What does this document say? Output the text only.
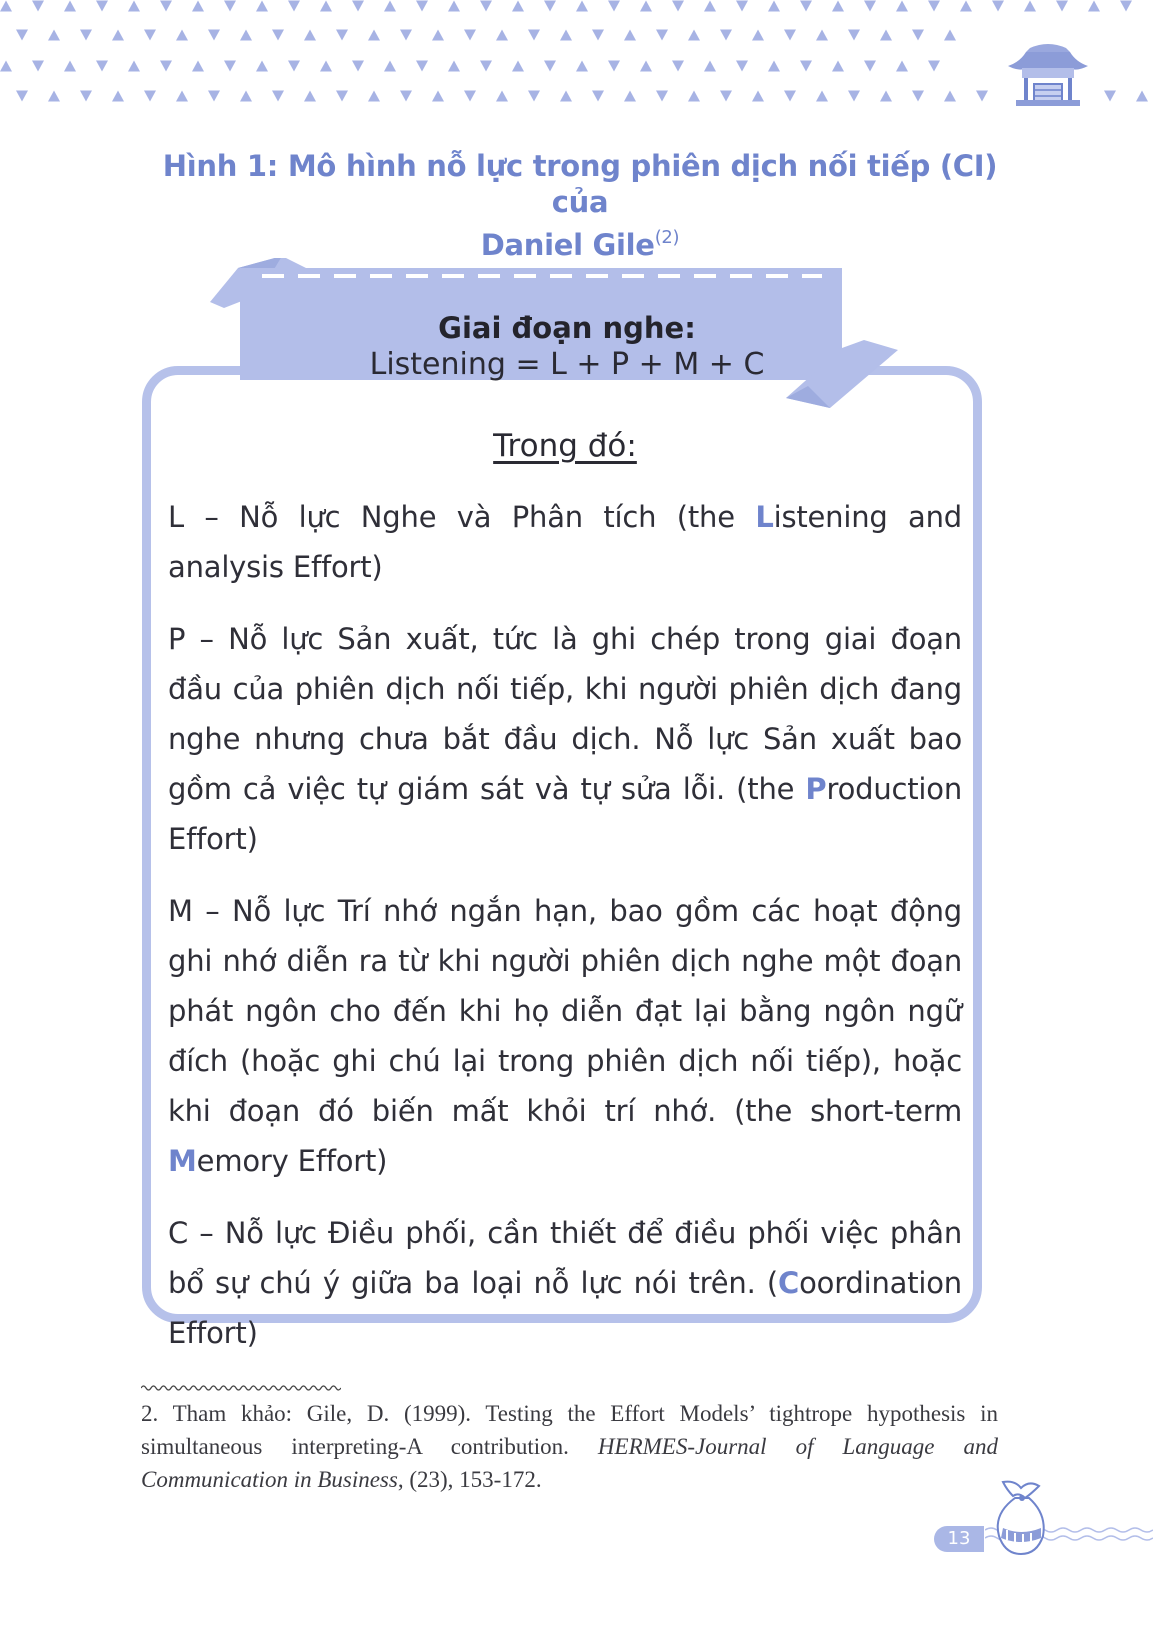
Hình 1: Mô hình nỗ lực trong phiên dịch nối tiếp (CI) của
Daniel Gile$^{(2)}$
Giai đoạn nghe:
Listening = L + P + M + C
Trong đó:

L – Nỗ lực Nghe và Phân tích (the Listening and analysis Effort)

P – Nỗ lực Sản xuất, tức là ghi chép trong giai đoạn đầu của phiên dịch nối tiếp, khi người phiên dịch đang nghe nhưng chưa bắt đầu dịch. Nỗ lực Sản xuất bao gồm cả việc tự giám sát và tự sửa lỗi. (the Production Effort)

M – Nỗ lực Trí nhớ ngắn hạn, bao gồm các hoạt động ghi nhớ diễn ra từ khi người phiên dịch nghe một đoạn phát ngôn cho đến khi họ diễn đạt lại bằng ngôn ngữ đích (hoặc ghi chú lại trong phiên dịch nối tiếp), hoặc khi đoạn đó biến mất khỏi trí nhớ. (the short-term Memory Effort)

C – Nỗ lực Điều phối, cần thiết để điều phối việc phân bổ sự chú ý giữa ba loại nỗ lực nói trên. (Coordination Effort)

2. Tham khảo: Gile, D. (1999). Testing the Effort Models’ tightrope hypothesis in simultaneous interpreting-A contribution. HERMES-Journal of Language and Communication in Business, (23), 153-172.
13
